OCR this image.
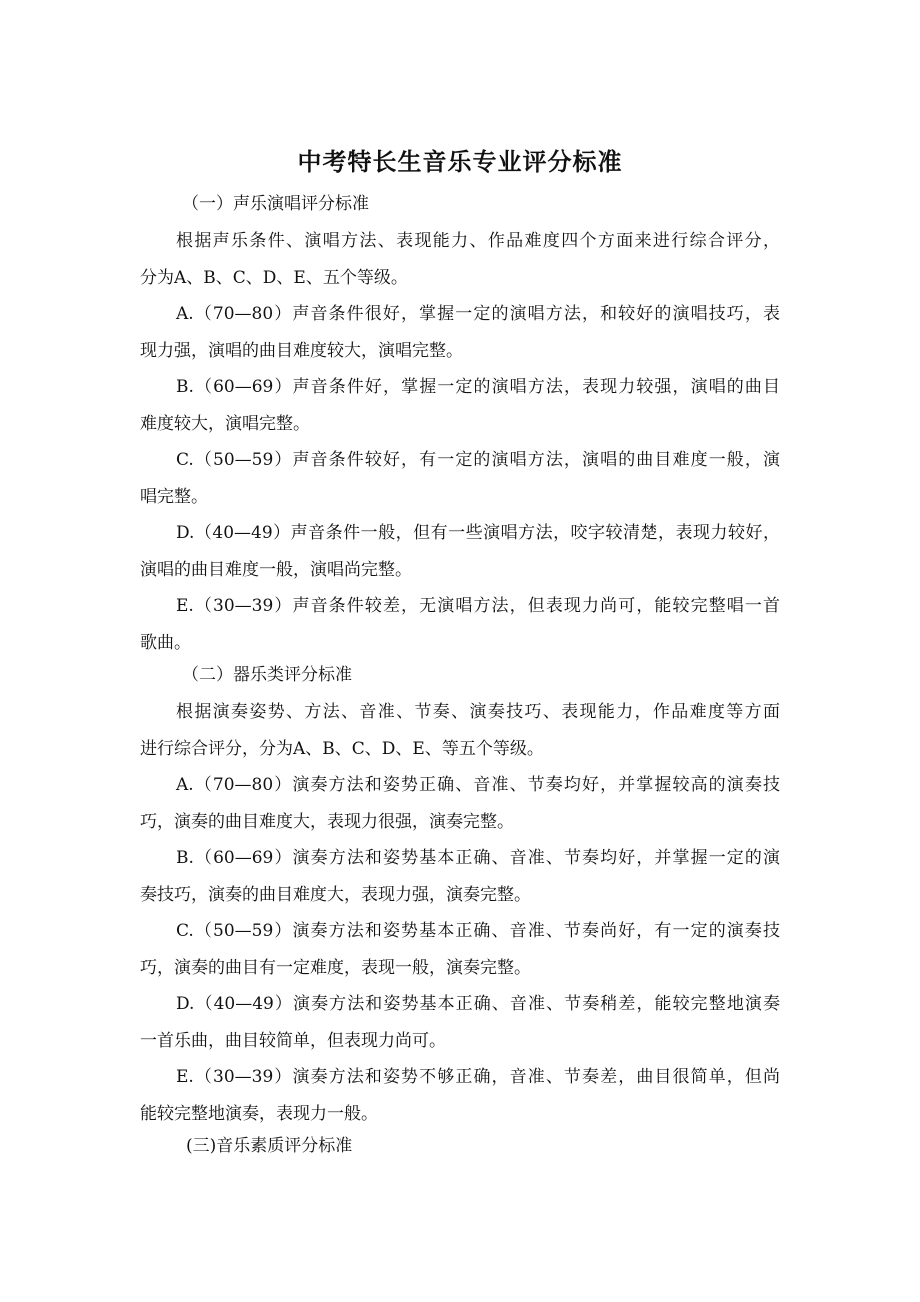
中考特长生音乐专业评分标准
（一）声乐演唱评分标准
根据声乐条件、演唱方法、表现能力、作品难度四个方面来进行综合评分，
分为A、B、C、D、E、五个等级。
A.（70—80）声音条件很好，掌握一定的演唱方法，和较好的演唱技巧，表
现力强，演唱的曲目难度较大，演唱完整。
B.（60—69）声音条件好，掌握一定的演唱方法，表现力较强，演唱的曲目
难度较大，演唱完整。
C.（50—59）声音条件较好，有一定的演唱方法，演唱的曲目难度一般，演
唱完整。
D.（40—49）声音条件一般，但有一些演唱方法，咬字较清楚，表现力较好，
演唱的曲目难度一般，演唱尚完整。
E.（30—39）声音条件较差，无演唱方法，但表现力尚可，能较完整唱一首
歌曲。
（二）器乐类评分标准
根据演奏姿势、方法、音准、节奏、演奏技巧、表现能力，作品难度等方面
进行综合评分，分为A、B、C、D、E、等五个等级。
A.（70—80）演奏方法和姿势正确、音准、节奏均好，并掌握较高的演奏技
巧，演奏的曲目难度大，表现力很强，演奏完整。
B.（60—69）演奏方法和姿势基本正确、音准、节奏均好，并掌握一定的演
奏技巧，演奏的曲目难度大，表现力强，演奏完整。
C.（50—59）演奏方法和姿势基本正确、音准、节奏尚好，有一定的演奏技
巧，演奏的曲目有一定难度，表现一般，演奏完整。
D.（40—49）演奏方法和姿势基本正确、音准、节奏稍差，能较完整地演奏
一首乐曲，曲目较简单，但表现力尚可。
E.（30—39）演奏方法和姿势不够正确，音准、节奏差，曲目很简单，但尚
能较完整地演奏，表现力一般。
(三)音乐素质评分标准
